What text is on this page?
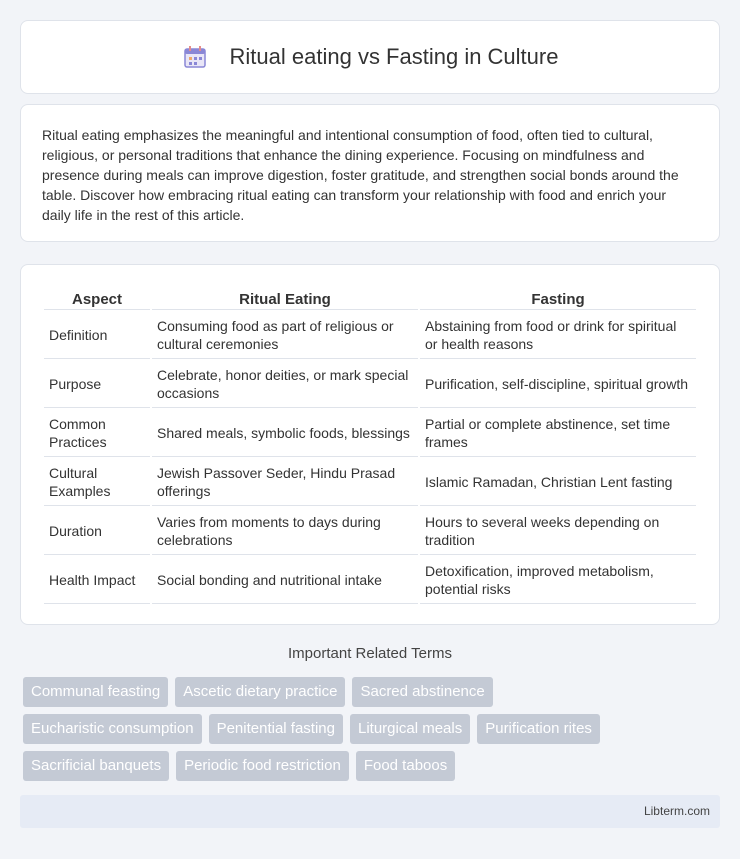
Ritual eating vs Fasting in Culture

Ritual eating emphasizes the meaningful and intentional consumption of food, often tied to cultural, religious, or personal traditions that enhance the dining experience. Focusing on mindfulness and presence during meals can improve digestion, foster gratitude, and strengthen social bonds around the table. Discover how embracing ritual eating can transform your relationship with food and enrich your daily life in the rest of this article.

Aspect	Ritual Eating	Fasting
Definition	Consuming food as part of religious or cultural ceremonies	Abstaining from food or drink for spiritual or health reasons
Purpose	Celebrate, honor deities, or mark special occasions	Purification, self-discipline, spiritual growth
Common Practices	Shared meals, symbolic foods, blessings	Partial or complete abstinence, set time frames
Cultural Examples	Jewish Passover Seder, Hindu Prasad offerings	Islamic Ramadan, Christian Lent fasting
Duration	Varies from moments to days during celebrations	Hours to several weeks depending on tradition
Health Impact	Social bonding and nutritional intake	Detoxification, improved metabolism, potential risks
Important Related Terms
Communal feasting	Ascetic dietary practice	Sacred abstinence
Eucharistic consumption	Penitential fasting	Liturgical meals	Purification rites
Sacrificial banquets	Periodic food restriction	Food taboos
Libterm.com
